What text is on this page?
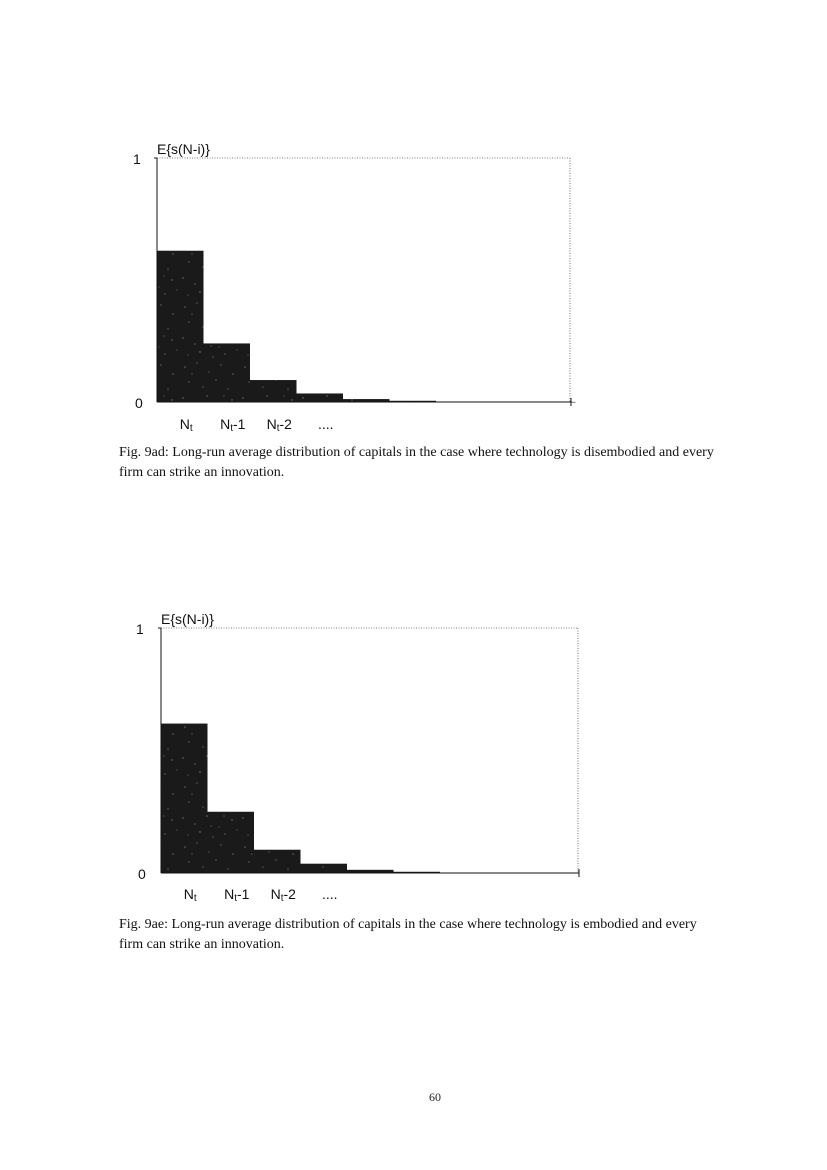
1
0
E{s(N-i)}
Nt Nt-1 Nt-2 ....
1
0
E{s(N-i)}
Nt Nt-1 Nt-2 ....

Fig. 9ad: Long-run average distribution of capitals in the case where technology is disembodied and every firm can strike an innovation.

Fig. 9ae: Long-run average distribution of capitals in the case where technology is embodied and every firm can strike an innovation.

60
